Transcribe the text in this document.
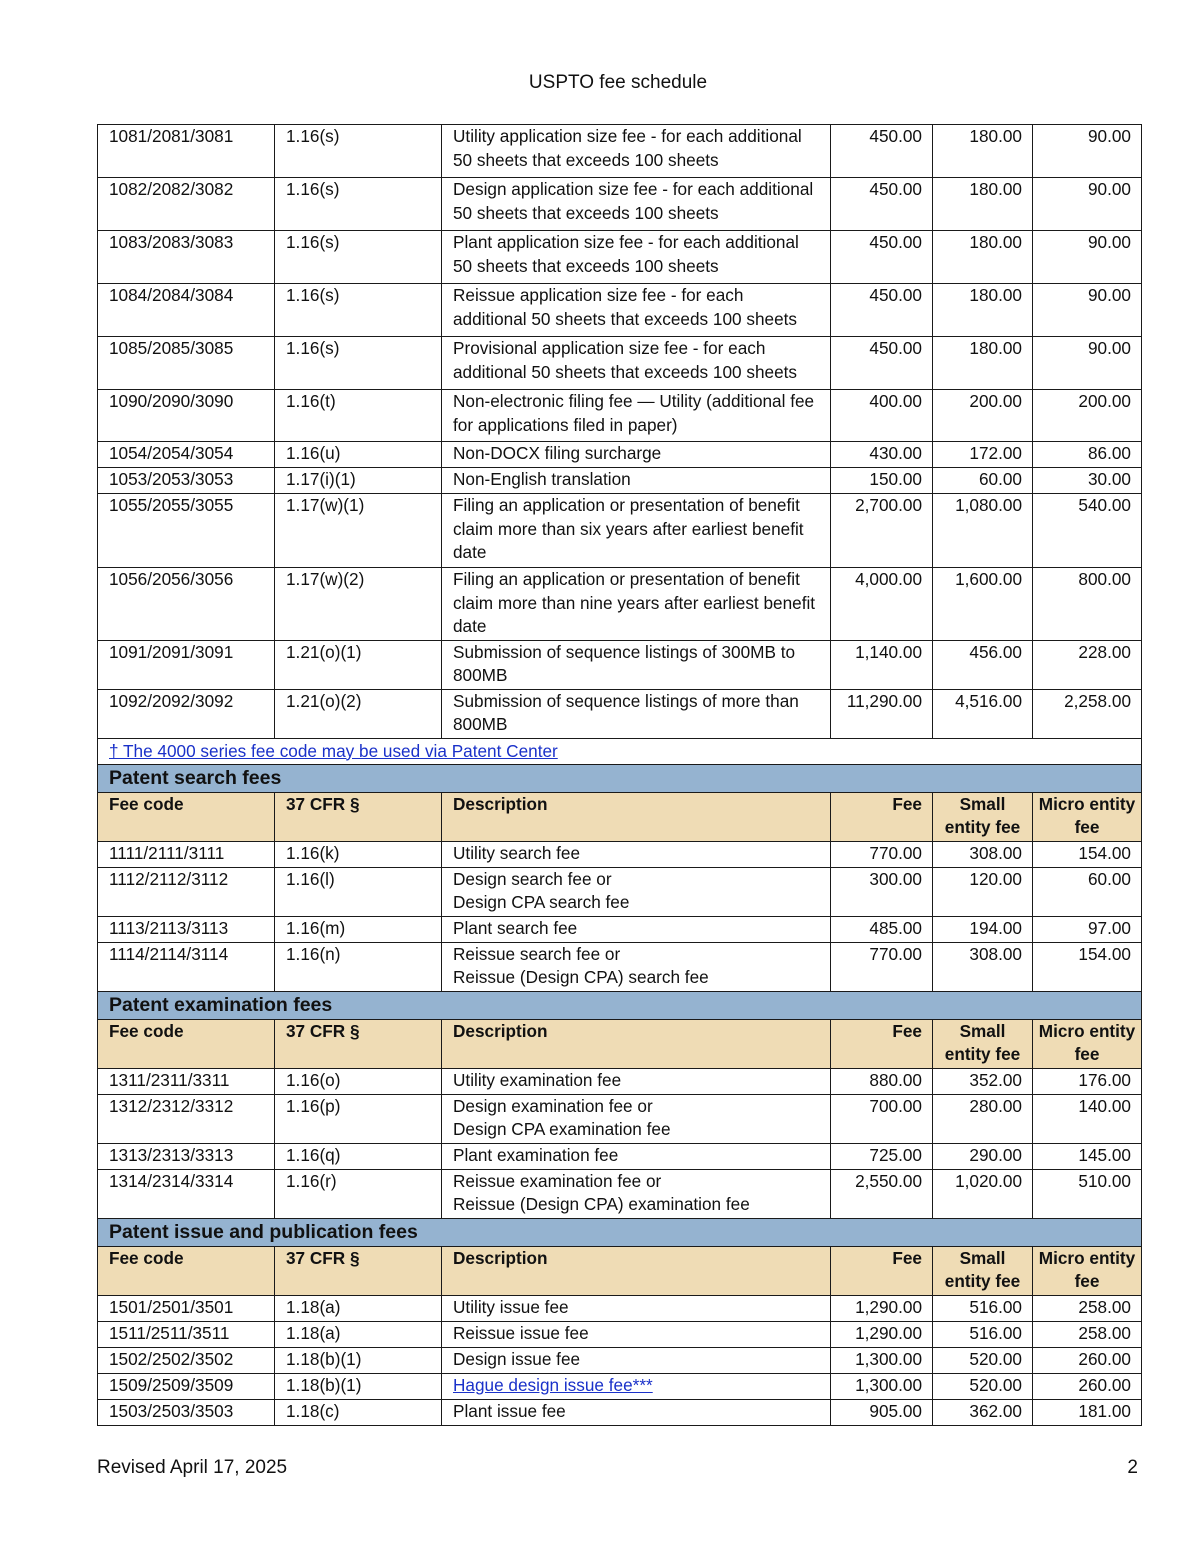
USPTO fee schedule
1081/2081/3081	1.16(s)	Utility application size fee - for each additional 50 sheets that exceeds 100 sheets	450.00	180.00	90.00
1082/2082/3082	1.16(s)	Design application size fee - for each additional 50 sheets that exceeds 100 sheets	450.00	180.00	90.00
1083/2083/3083	1.16(s)	Plant application size fee - for each additional 50 sheets that exceeds 100 sheets	450.00	180.00	90.00
1084/2084/3084	1.16(s)	Reissue application size fee - for each additional 50 sheets that exceeds 100 sheets	450.00	180.00	90.00
1085/2085/3085	1.16(s)	Provisional application size fee - for each additional 50 sheets that exceeds 100 sheets	450.00	180.00	90.00
1090/2090/3090	1.16(t)	Non-electronic filing fee — Utility (additional fee for applications filed in paper)	400.00	200.00	200.00
1054/2054/3054	1.16(u)	Non-DOCX filing surcharge	430.00	172.00	86.00
1053/2053/3053	1.17(i)(1)	Non-English translation	150.00	60.00	30.00
1055/2055/3055	1.17(w)(1)	Filing an application or presentation of benefit claim more than six years after earliest benefit date	2,700.00	1,080.00	540.00
1056/2056/3056	1.17(w)(2)	Filing an application or presentation of benefit claim more than nine years after earliest benefit date	4,000.00	1,600.00	800.00
1091/2091/3091	1.21(o)(1)	Submission of sequence listings of 300MB to 800MB	1,140.00	456.00	228.00
1092/2092/3092	1.21(o)(2)	Submission of sequence listings of more than 800MB	11,290.00	4,516.00	2,258.00
† The 4000 series fee code may be used via Patent Center					
Patent search fees					
Fee code	37 CFR §	Description	Fee	Small entity fee	Micro entity fee
1111/2111/3111	1.16(k)	Utility search fee	770.00	308.00	154.00
1112/2112/3112	1.16(l)	Design search fee or
Design CPA search fee	300.00	120.00	60.00
1113/2113/3113	1.16(m)	Plant search fee	485.00	194.00	97.00
1114/2114/3114	1.16(n)	Reissue search fee or
Reissue (Design CPA) search fee	770.00	308.00	154.00
Patent examination fees					
Fee code	37 CFR §	Description	Fee	Small entity fee	Micro entity fee
1311/2311/3311	1.16(o)	Utility examination fee	880.00	352.00	176.00
1312/2312/3312	1.16(p)	Design examination fee or
Design CPA examination fee	700.00	280.00	140.00
1313/2313/3313	1.16(q)	Plant examination fee	725.00	290.00	145.00
1314/2314/3314	1.16(r)	Reissue examination fee or
Reissue (Design CPA) examination fee	2,550.00	1,020.00	510.00
Patent issue and publication fees					
Fee code	37 CFR §	Description	Fee	Small entity fee	Micro entity fee
1501/2501/3501	1.18(a)	Utility issue fee	1,290.00	516.00	258.00
1511/2511/3511	1.18(a)	Reissue issue fee	1,290.00	516.00	258.00
1502/2502/3502	1.18(b)(1)	Design issue fee	1,300.00	520.00	260.00
1509/2509/3509	1.18(b)(1)	Hague design issue fee***	1,300.00	520.00	260.00
1503/2503/3503	1.18(c)	Plant issue fee	905.00	362.00	181.00
Revised April 17, 2025	2
